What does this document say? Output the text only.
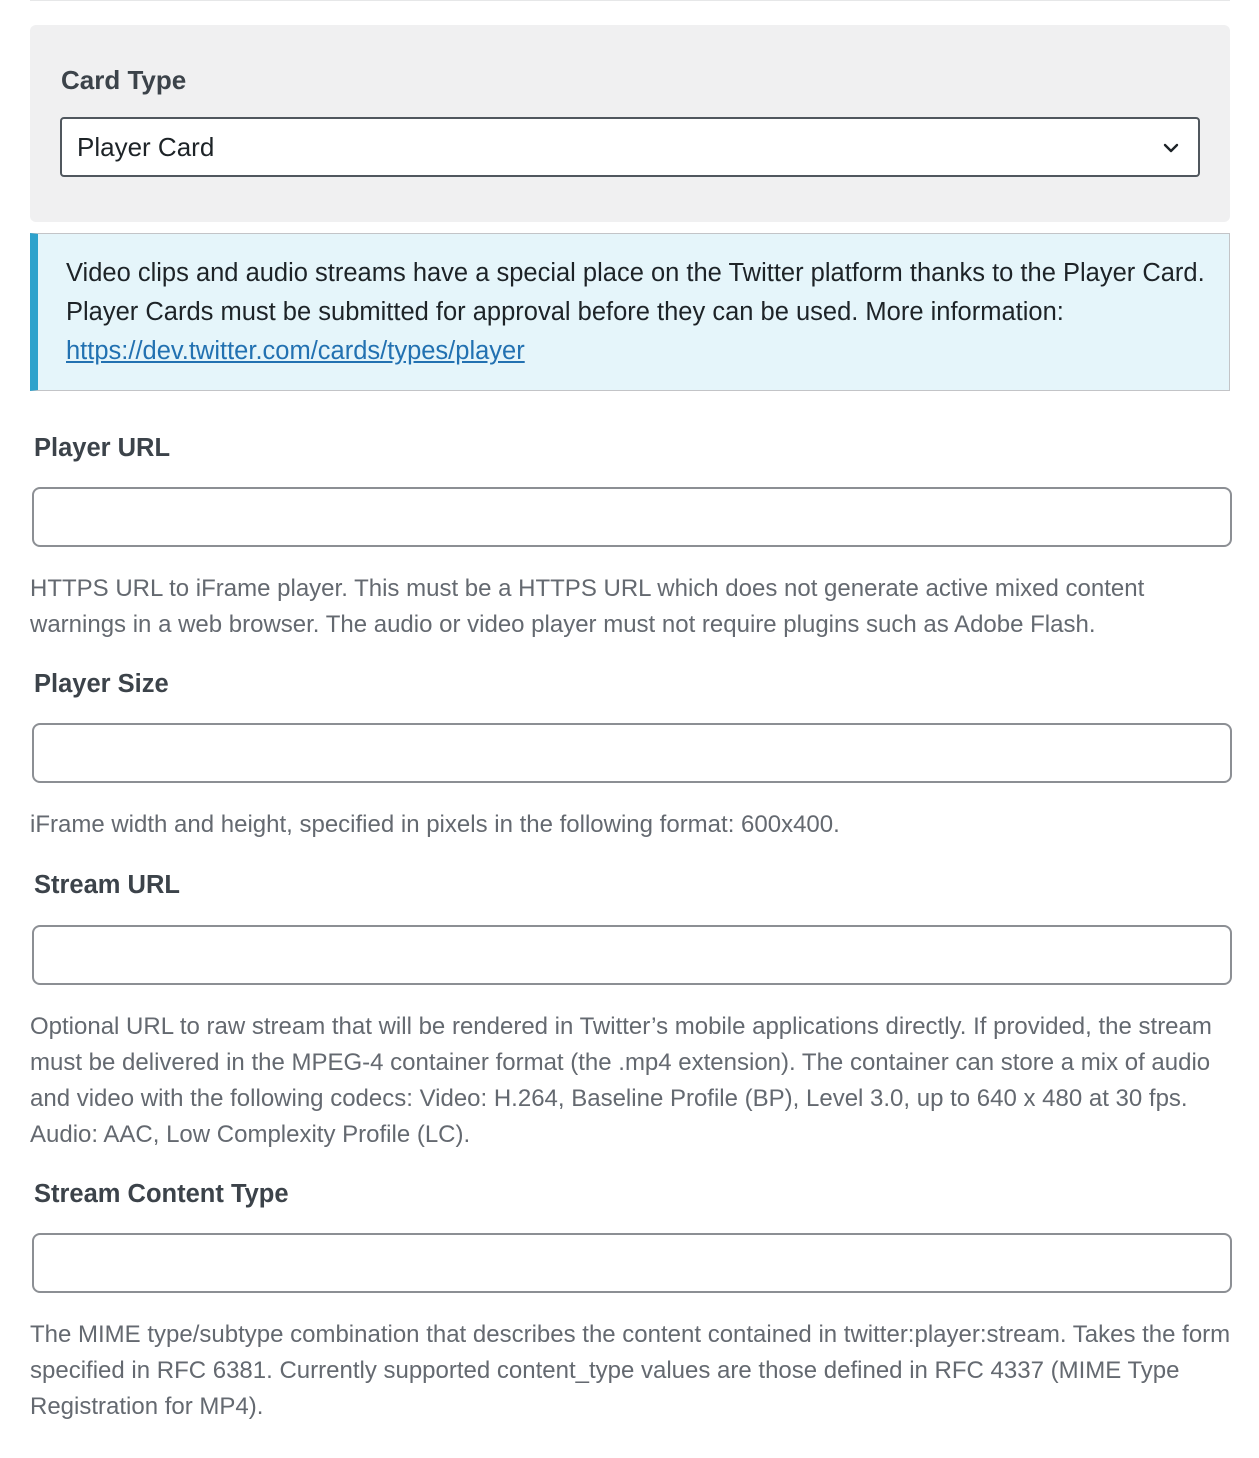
Card Type
Player Card
Video clips and audio streams have a special place on the Twitter platform thanks to the Player Card. Player Cards must be submitted for approval before they can be used. More information: https://dev.twitter.com/cards/types/player
Player URL
HTTPS URL to iFrame player. This must be a HTTPS URL which does not generate active mixed content warnings in a web browser. The audio or video player must not require plugins such as Adobe Flash.
Player Size
iFrame width and height, specified in pixels in the following format: 600x400.
Stream URL
Optional URL to raw stream that will be rendered in Twitter’s mobile applications directly. If provided, the stream must be delivered in the MPEG-4 container format (the .mp4 extension). The container can store a mix of audio and video with the following codecs: Video: H.264, Baseline Profile (BP), Level 3.0, up to 640 x 480 at 30 fps. Audio: AAC, Low Complexity Profile (LC).
Stream Content Type
The MIME type/subtype combination that describes the content contained in twitter:player:stream. Takes the form specified in RFC 6381. Currently supported content_type values are those defined in RFC 4337 (MIME Type Registration for MP4).
